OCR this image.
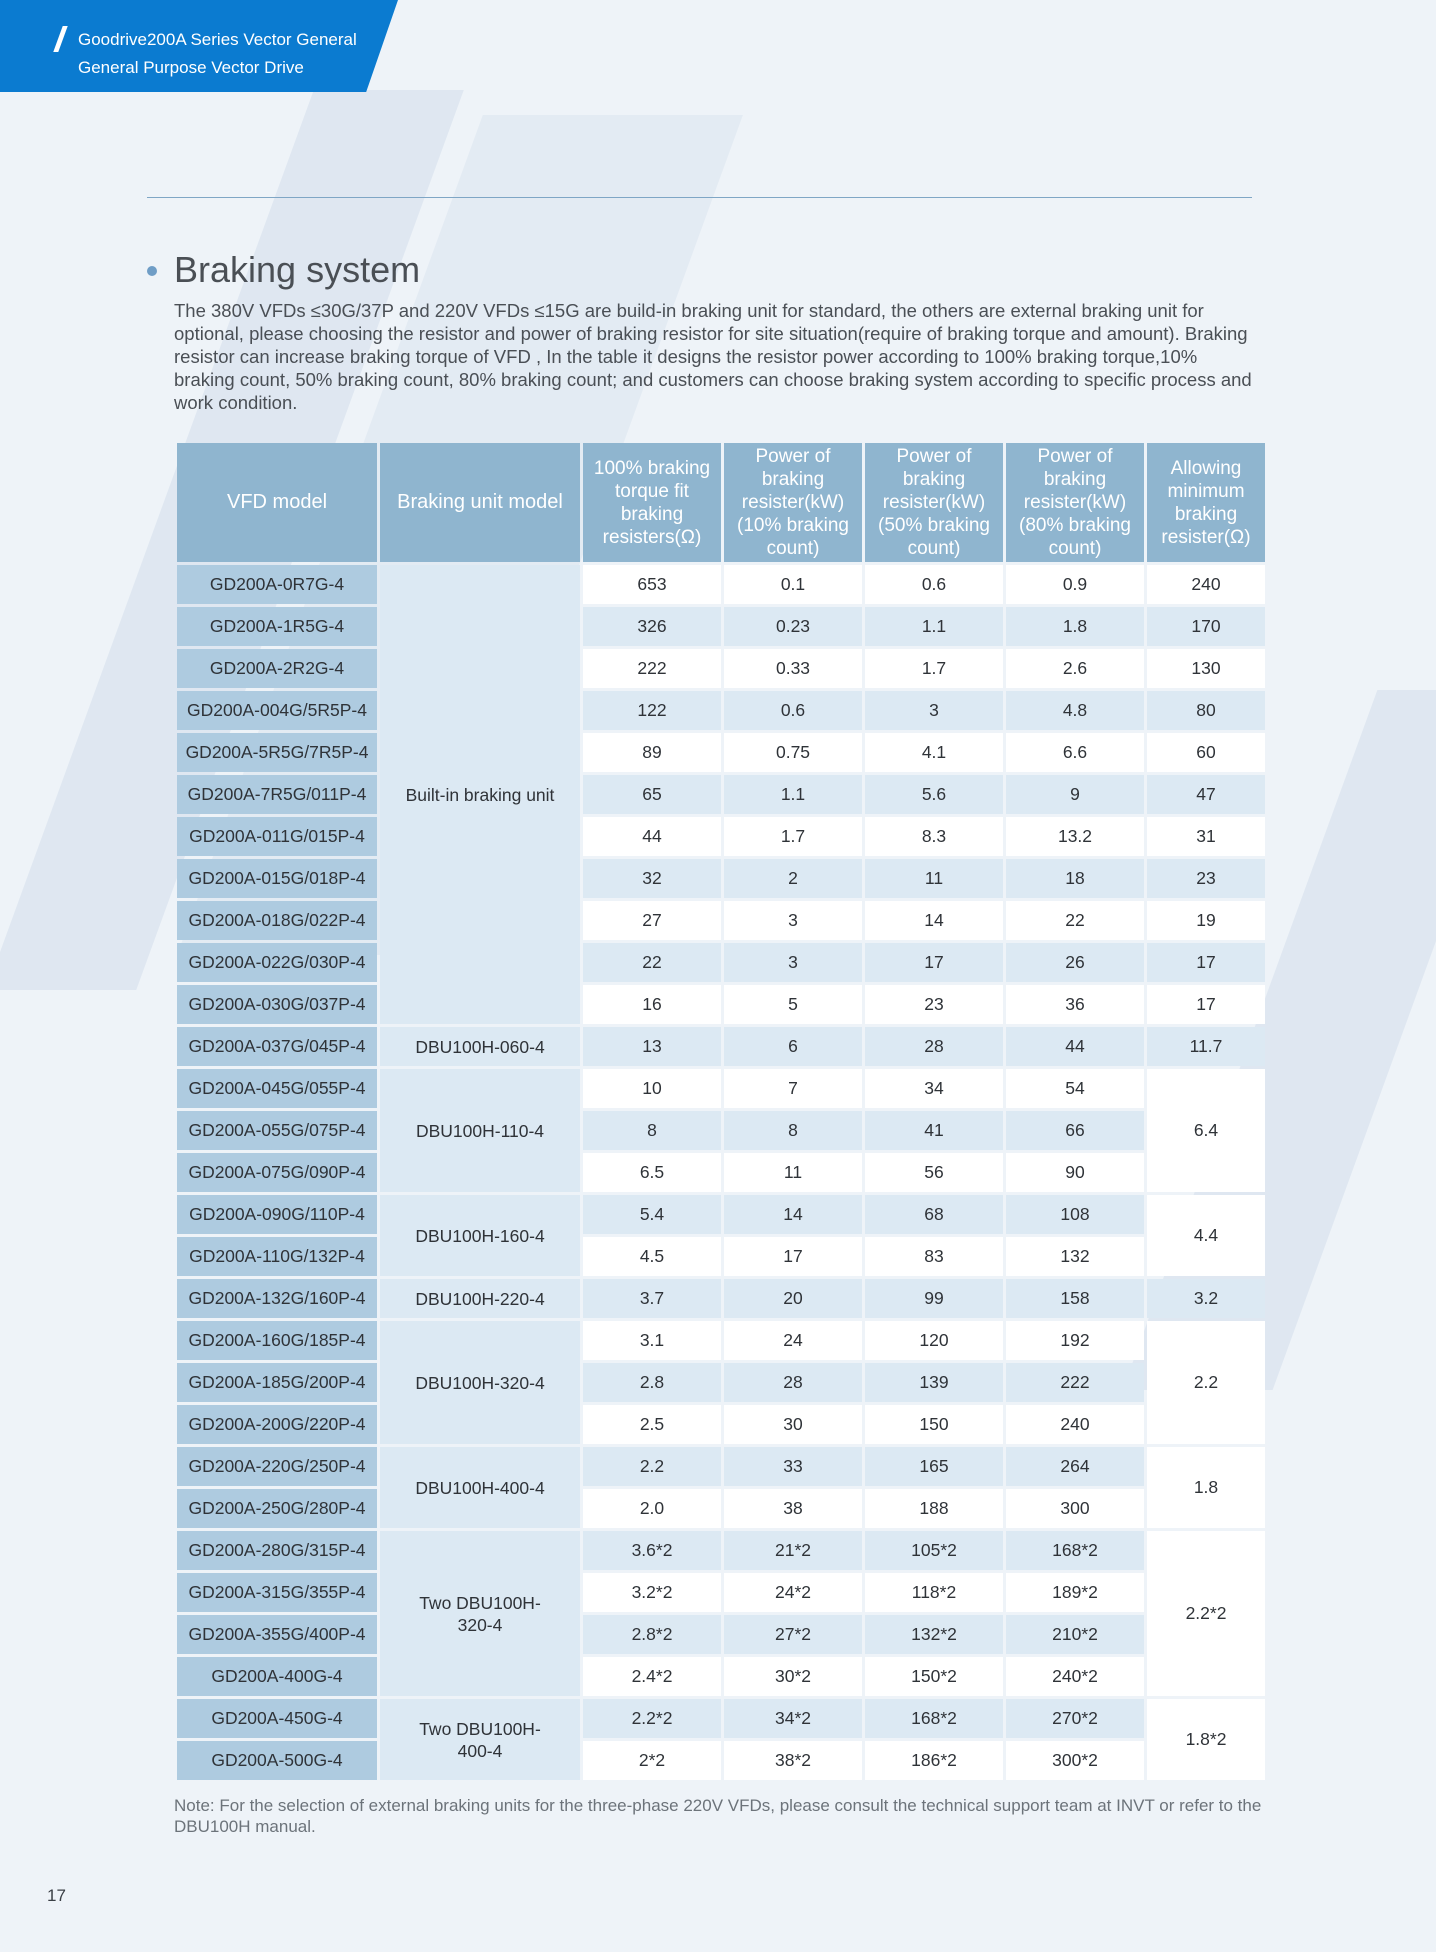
Goodrive200A Series Vector General
General Purpose Vector Drive
Braking system
The 380V VFDs ≤30G/37P and 220V VFDs ≤15G are build-in braking unit for standard, the others are external braking unit for optional, please choosing the resistor and power of braking resistor for site situation(require of braking torque and amount). Braking resistor can increase braking torque of VFD , In the table it designs the resistor power according to 100% braking torque,10% braking count, 50% braking count, 80% braking count; and customers can choose braking system according to specific process and work condition.
VFD model	Braking unit model	100% braking torque fit braking resisters(Ω)	Power of braking resister(kW) (10% braking count)	Power of braking resister(kW) (50% braking count)	Power of braking resister(kW) (80% braking count)	Allowing minimum braking resister(Ω)
GD200A-0R7G-4	Built-in braking unit	653	0.1	0.6	0.9	240
GD200A-1R5G-4		326	0.23	1.1	1.8	170
GD200A-2R2G-4		222	0.33	1.7	2.6	130
GD200A-004G/5R5P-4		122	0.6	3	4.8	80
GD200A-5R5G/7R5P-4		89	0.75	4.1	6.6	60
GD200A-7R5G/011P-4		65	1.1	5.6	9	47
GD200A-011G/015P-4		44	1.7	8.3	13.2	31
GD200A-015G/018P-4		32	2	11	18	23
GD200A-018G/022P-4		27	3	14	22	19
GD200A-022G/030P-4		22	3	17	26	17
GD200A-030G/037P-4		16	5	23	36	17
GD200A-037G/045P-4	DBU100H-060-4	13	6	28	44	11.7
GD200A-045G/055P-4	DBU100H-110-4	10	7	34	54	6.4
GD200A-055G/075P-4		8	8	41	66	
GD200A-075G/090P-4		6.5	11	56	90	
GD200A-090G/110P-4	DBU100H-160-4	5.4	14	68	108	4.4
GD200A-110G/132P-4		4.5	17	83	132	
GD200A-132G/160P-4	DBU100H-220-4	3.7	20	99	158	3.2
GD200A-160G/185P-4	DBU100H-320-4	3.1	24	120	192	2.2
GD200A-185G/200P-4		2.8	28	139	222	
GD200A-200G/220P-4		2.5	30	150	240	
GD200A-220G/250P-4	DBU100H-400-4	2.2	33	165	264	1.8
GD200A-250G/280P-4		2.0	38	188	300	
GD200A-280G/315P-4	Two DBU100H-320-4	3.6*2	21*2	105*2	168*2	2.2*2
GD200A-315G/355P-4		3.2*2	24*2	118*2	189*2	
GD200A-355G/400P-4		2.8*2	27*2	132*2	210*2	
GD200A-400G-4		2.4*2	30*2	150*2	240*2	
GD200A-450G-4	Two DBU100H-400-4	2.2*2	34*2	168*2	270*2	1.8*2
GD200A-500G-4		2*2	38*2	186*2	300*2	
Note: For the selection of external braking units for the three-phase 220V VFDs, please consult the technical support team at INVT or refer to the DBU100H manual.
17
